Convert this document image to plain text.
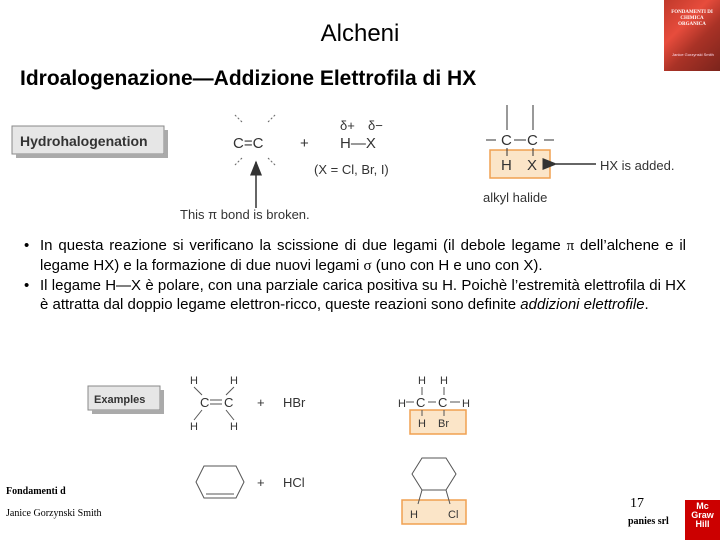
Alcheni
Idroalogenazione—Addizione Elettrofila di HX
FONDAMENTI DI CHIMICA ORGANICA
Janice Gorzynski Smith
Hydrohalogenation	C=C
This π bond is broken.
+
δ+ δ−
H—X
(X = Cl, Br, I)
C C
H X
alkyl halide
HX is added.
• In questa reazione si verificano la scissione di due legami (il debole legame π dell’alchene e il legame HX) e la formazione di due nuovi legami σ (uno con H e uno con X).
• Il legame H—X è polare, con una parziale carica positiva su H. Poichè l’estremità elettrofila di HX è attratta dal doppio legame elettron-ricco, queste reazioni sono definite addizioni elettrofile.
Examples
H	H
H	H
C C + HBr
H H
H C C H
H Br
+ HCl
H	Cl
Fondamenti d
Janice Gorzynski Smith
17
panies srl
Mc Graw Hill
